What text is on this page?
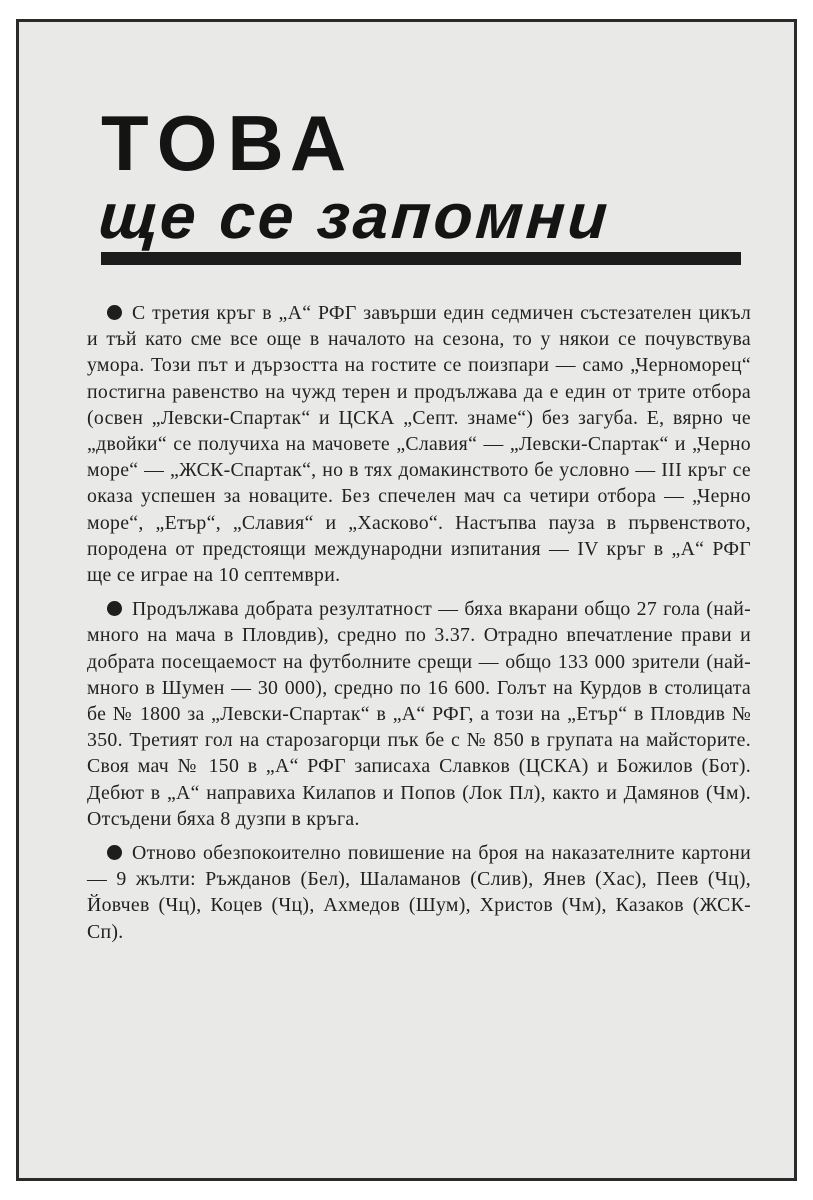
ТОВА
ще се запомни

С третия кръг в „А“ РФГ завърши един седмичен състезателен цикъл и тъй като сме все още в началото на сезона, то у някои се почувствува умора. Този път и дързостта на гостите се поизпари — само „Черноморец“ постигна равенство на чужд терен и продължава да е един от трите отбора (освен „Левски-Спартак“ и ЦСКА „Септ. знаме“) без загуба. Е, вярно че „двойки“ се получиха на мачовете „Славия“ — „Левски-Спартак“ и „Черно море“ — „ЖСК-Спартак“, но в тях домакинството бе условно — III кръг се оказа успешен за новаците. Без спечелен мач са четири отбора — „Черно море“, „Етър“, „Славия“ и „Хасково“. Настъпва пауза в първенството, породена от предстоящи международни изпитания — IV кръг в „А“ РФГ ще се играе на 10 септември.

Продължава добрата резултатност — бяха вкарани общо 27 гола (най-много на мача в Пловдив), средно по 3.37. Отрадно впечатление прави и добрата посещаемост на футболните срещи — общо 133 000 зрители (най-много в Шумен — 30 000), средно по 16 600. Голът на Курдов в столицата бе № 1800 за „Левски-Спартак“ в „А“ РФГ, а този на „Етър“ в Пловдив № 350. Третият гол на старозагорци пък бе с № 850 в групата на майсторите. Своя мач № 150 в „А“ РФГ записаха Славков (ЦСКА) и Божилов (Бот). Дебют в „А“ направиха Килапов и Попов (Лок Пл), както и Дамянов (Чм). Отсъдени бяха 8 дузпи в кръга.

Отново обезпокоително повишение на броя на наказателните картони — 9 жълти: Ръжданов (Бел), Шаламанов (Слив), Янев (Хас), Пеев (Чц), Йовчев (Чц), Коцев (Чц), Ахмедов (Шум), Христов (Чм), Казаков (ЖСК-Сп).
